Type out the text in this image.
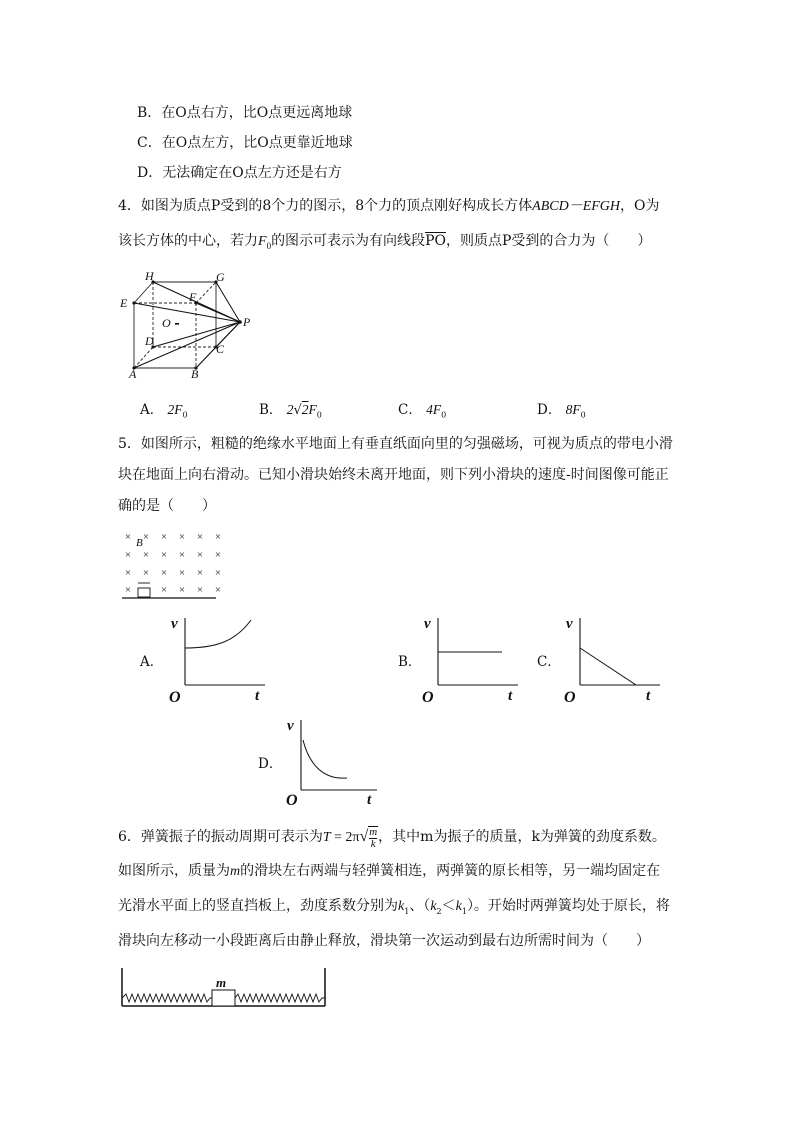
B．在O点右方，比O点更远离地球
C．在O点左方，比O点更靠近地球
D．无法确定在O点左方还是右方
4．如图为质点P受到的8个力的图示，8个力的顶点刚好构成长方体ABCD－EFGH，O为
该长方体的中心，若力$F_0$的图示可表示为有向线段$\overline{PO}$，则质点P受到的合力为（　　）
H	G
E	F
O	P
D
C
A	B
A． $2F_0$	B． $2√2F_0$	C． $4F_0$	D． $8F_0$
5．如图所示，粗糙的绝缘水平地面上有垂直纸面向里的匀强磁场，可视为质点的带电小滑
块在地面上向右滑动。已知小滑块始终未离开地面，则下列小滑块的速度-时间图像可能正
确的是（　　）
× × × × × ×
× × × × × ×
× × × × × ×
×	× × × ×
B
A．
v
O	t
B．
v
O	t
C．
v
O	t
D．
v
O	t
6．弹簧振子的振动周期可表示为$T = 2\pi√ \frac{m}{k}$ ，其中m为振子的质量，k为弹簧的劲度系数。
如图所示，质量为m的滑块左右两端与轻弹簧相连，两弹簧的原长相等，另一端均固定在
光滑水平面上的竖直挡板上，劲度系数分别为$k_1$、$(k_2<k_1)$。开始时两弹簧均处于原长，将
滑块向左移动一小段距离后由静止释放，滑块第一次运动到最右边所需时间为（　　）
m
